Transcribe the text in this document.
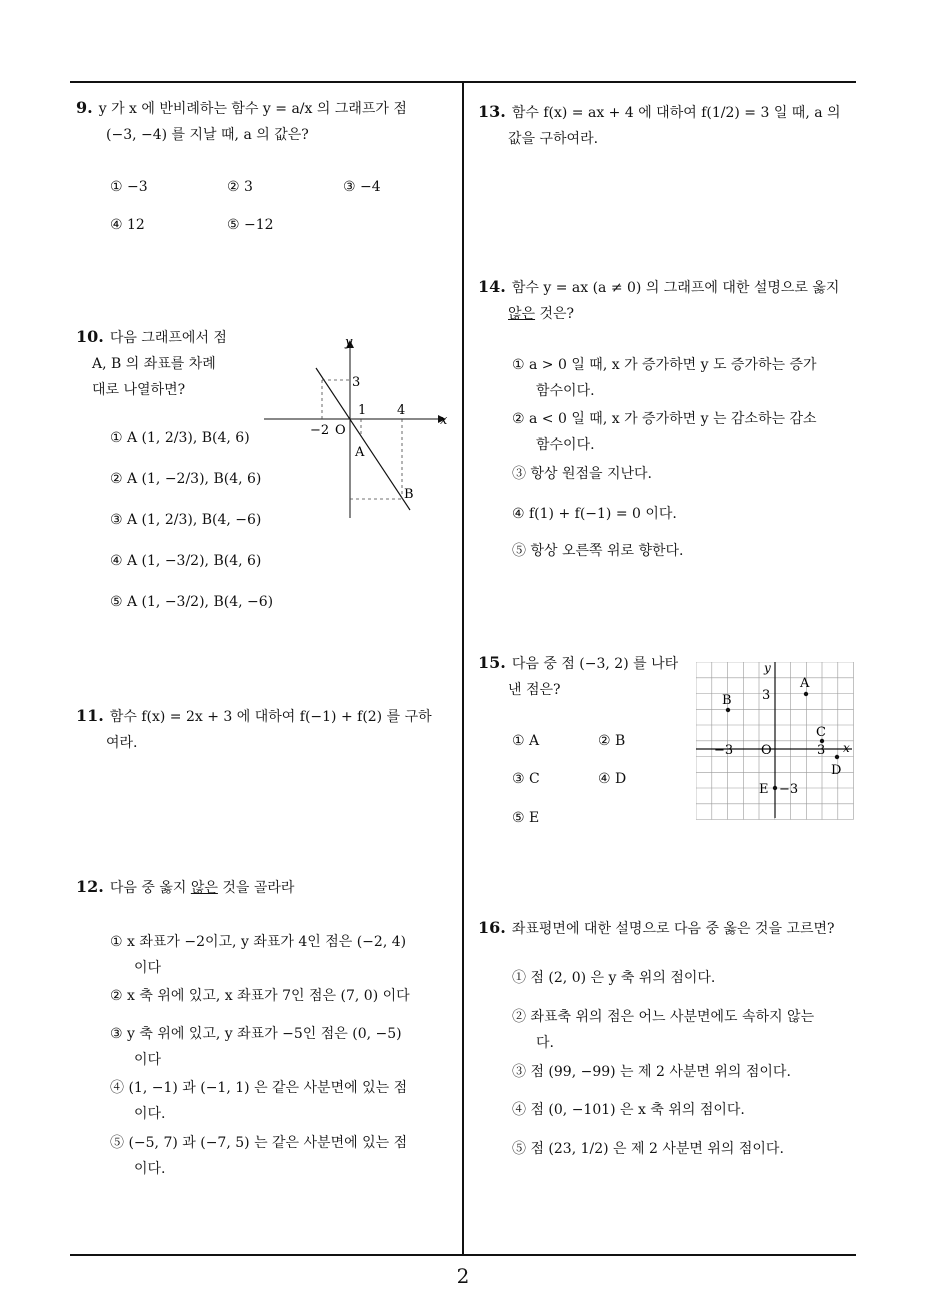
2
9. y 가 x 에 반비례하는 함수 y = a/x 의 그래프가 점
(−3, −4) 를 지날 때, a 의 값은?
① −3	② 3	③ −4
④ 12	⑤ −12
10. 다음 그래프에서 점
A, B 의 좌표를 차례
대로 나열하면?
① A (1, 2/3), B(4, 6)
② A (1, −2/3), B(4, 6)
③ A (1, 2/3), B(4, −6)
④ A (1, −3/2), B(4, 6)
⑤ A (1, −3/2), B(4, −6)
y
x
3
1 4
−2 O
A
B
11. 함수 f(x) = 2x + 3 에 대하여 f(−1) + f(2) 를 구하
여라.
12. 다음 중 옳지 않은 것을 골라라
① x 좌표가 −2이고, y 좌표가 4인 점은 (−2, 4)
이다
② x 축 위에 있고, x 좌표가 7인 점은 (7, 0) 이다
③ y 축 위에 있고, y 좌표가 −5인 점은 (0, −5)
이다
④ (1, −1) 과 (−1, 1) 은 같은 사분면에 있는 점
이다.
⑤ (−5, 7) 과 (−7, 5) 는 같은 사분면에 있는 점
이다.
13. 함수 f(x) = ax + 4 에 대하여 f(1/2) = 3 일 때, a 의
값을 구하여라.
14. 함수 y = ax (a ≠ 0) 의 그래프에 대한 설명으로 옳지
않은 것은?
① a > 0 일 때, x 가 증가하면 y 도 증가하는 증가
함수이다.
② a < 0 일 때, x 가 증가하면 y 는 감소하는 감소
함수이다.
③ 항상 원점을 지난다.
④ f(1) + f(−1) = 0 이다.
⑤ 항상 오른쪽 위로 향한다.
15. 다음 중 점 (−3, 2) 를 나타
낸 점은?
① A	② B
③ C	④ D
⑤ E
y
x
3
−3 O	3
−3
A
B
C
D
E
16. 좌표평면에 대한 설명으로 다음 중 옳은 것을 고르면?
① 점 (2, 0) 은 y 축 위의 점이다.
② 좌표축 위의 점은 어느 사분면에도 속하지 않는
다.
③ 점 (99, −99) 는 제 2 사분면 위의 점이다.
④ 점 (0, −101) 은 x 축 위의 점이다.
⑤ 점 (23, 1/2) 은 제 2 사분면 위의 점이다.
